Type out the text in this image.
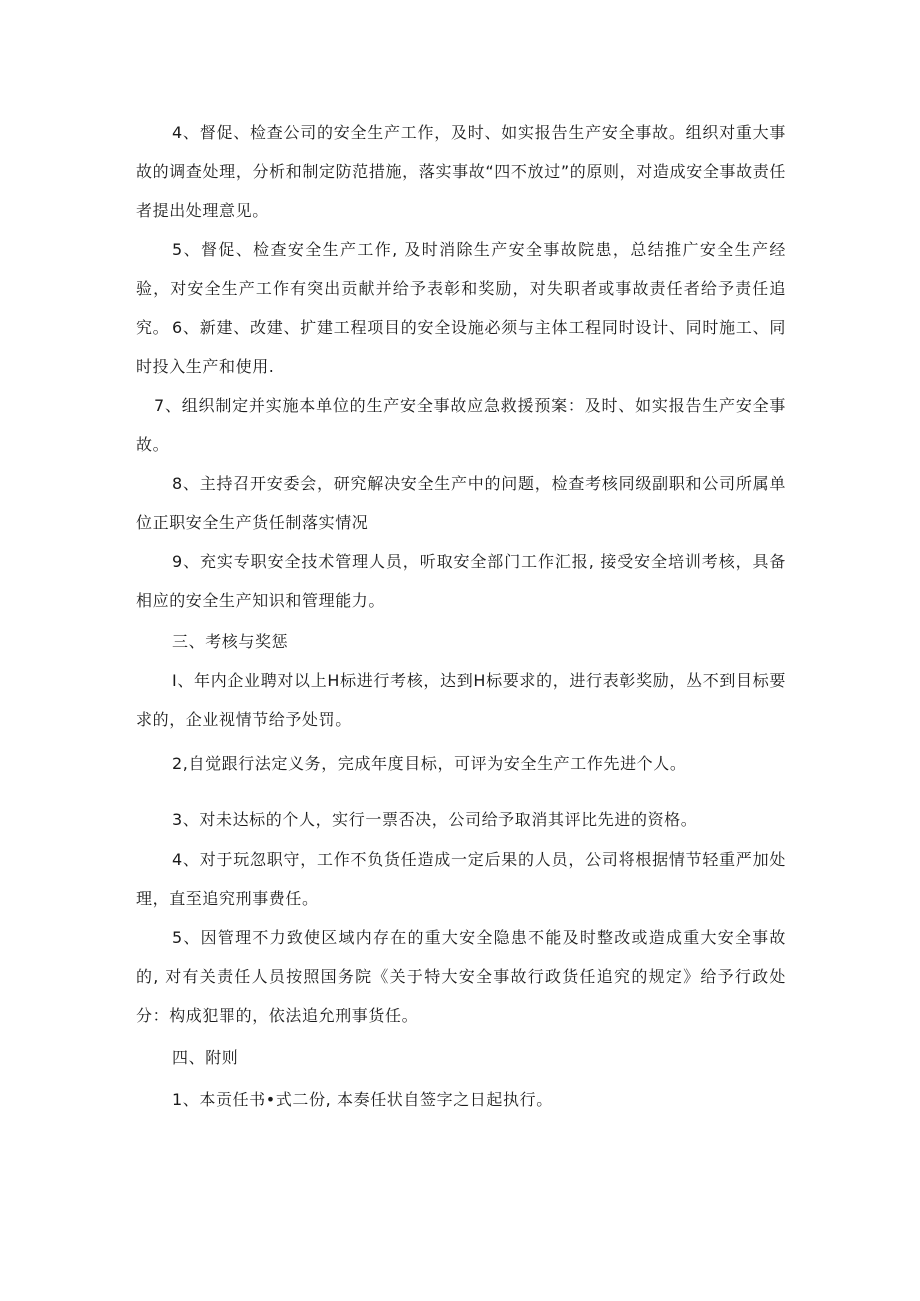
4、督促、检查公司的安全生产工作，及时、如实报告生产安全事故。组织对重大事故的调查处理，分析和制定防范措施，落实事故“四不放过”的原则，对造成安全事故责任者提出处理意见。

5、督促、检查安全生产工作, 及时消除生产安全事故院患，总结推广安全生产经验，对安全生产工作有突出贡献并给予表彰和奖励，对失职者或事故责任者给予责任追究。 6、新建、改建、扩建工程项目的安全设施必须与主体工程同时设计、同时施工、同时投入生产和使用.

7、组织制定并实施本单位的生产安全事故应急救援预案：及时、如实报告生产安全事故。

8、主持召开安委会，研究解决安全生产中的问题，检查考核同级副职和公司所属单位正职安全生产货任制落实情况

9、充实专职安全技术管理人员，听取安全部门工作汇报, 接受安全培训考核，具备相应的安全生产知识和管理能力。

三、考核与奖惩

I、年内企业聘对以上H标进行考核，达到H标要求的，进行表彰奖励，丛不到目标要求的，企业视情节给予处罚。

2,自觉跟行法定义务，完成年度目标，可评为安全生产工作先进个人。

3、对未达标的个人，实行一票否决，公司给予取消其评比先进的资格。

4、对于玩忽职守，工作不负货任造成一定后果的人员，公司将根据情节轻重严加处理，直至追究刑事费任。

5、因管理不力致使区域内存在的重大安全隐患不能及时整改或造成重大安全事故的, 对有关责任人员按照国务院《关于特大安全事故行政货任追究的规定》给予行政处分：构成犯罪的，依法追允刑事货任。

四、附则

1、本贡任书•式二份, 本奏任状自签字之日起执行。
